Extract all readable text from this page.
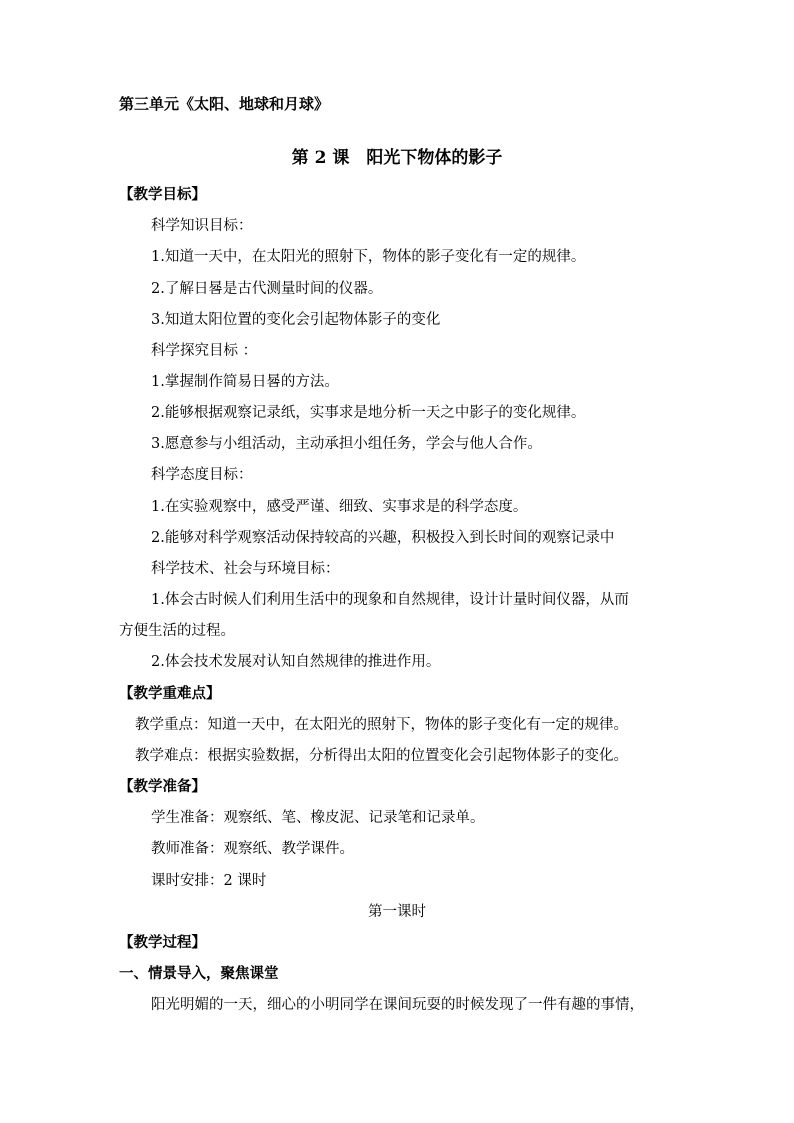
第三单元《太阳、地球和月球》
第 2 课　阳光下物体的影子
【教学目标】
科学知识目标：
1.知道一天中，在太阳光的照射下，物体的影子变化有一定的规律。
2.了解日晷是古代测量时间的仪器。
3.知道太阳位置的变化会引起物体影子的变化
科学探究目标 ：
1.掌握制作简易日晷的方法。
2.能够根据观察记录纸，实事求是地分析一天之中影子的变化规律。
3.愿意参与小组活动，主动承担小组任务，学会与他人合作。
科学态度目标：
1.在实验观察中，感受严谨、细致、实事求是的科学态度。
2.能够对科学观察活动保持较高的兴趣，积极投入到长时间的观察记录中
科学技术、社会与环境目标：
1.体会古时候人们利用生活中的现象和自然规律，设计计量时间仪器，从而
方便生活的过程。
2.体会技术发展对认知自然规律的推进作用。
【教学重难点】
教学重点：知道一天中，在太阳光的照射下，物体的影子变化有一定的规律。
教学难点：根据实验数据，分析得出太阳的位置变化会引起物体影子的变化。
【教学准备】
学生准备：观察纸、笔、橡皮泥、记录笔和记录单。
教师准备：观察纸、教学课件。
课时安排：2 课时
第一课时
【教学过程】
一、情景导入，聚焦课堂
阳光明媚的一天，细心的小明同学在课间玩耍的时候发现了一件有趣的事情，
